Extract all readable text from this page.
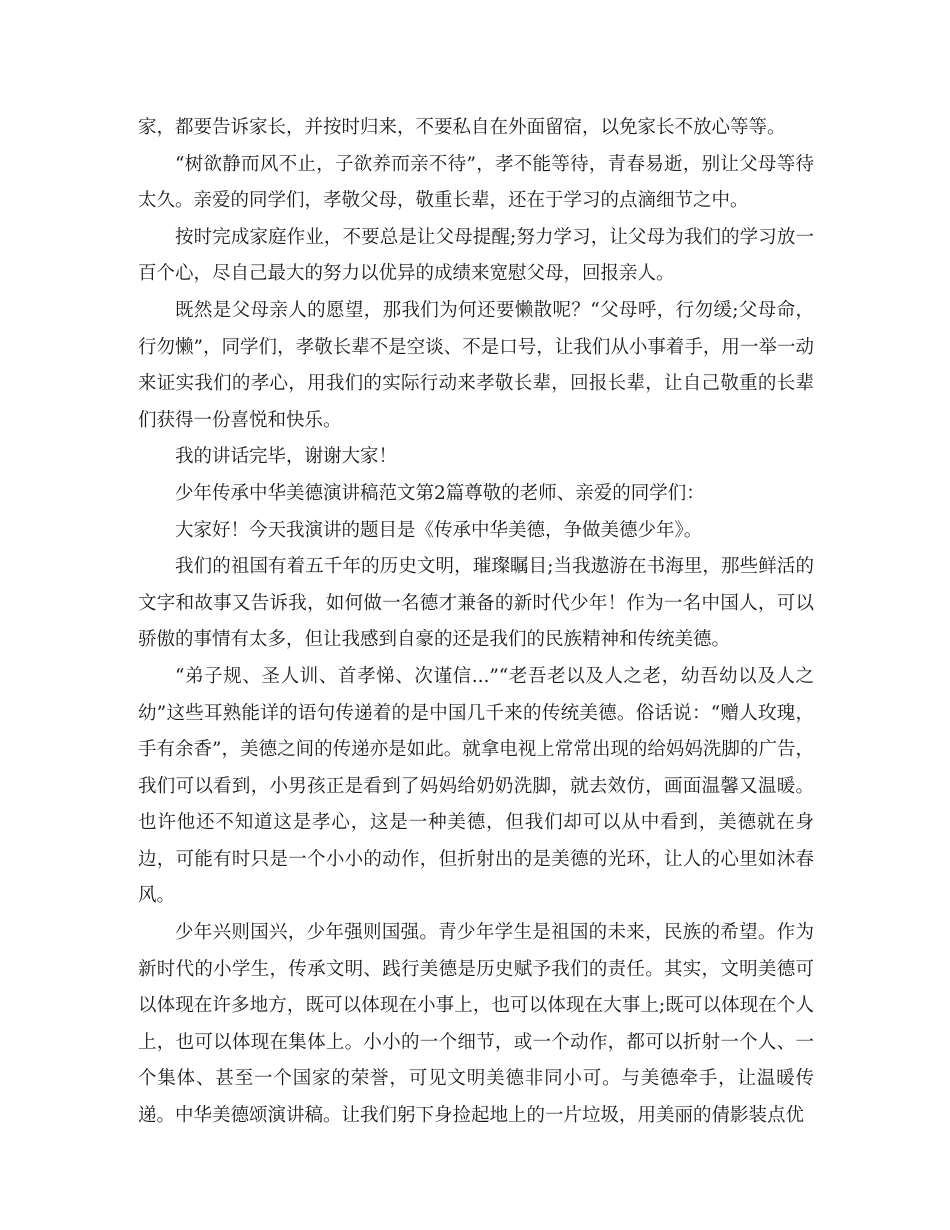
家，都要告诉家长，并按时归来，不要私自在外面留宿，以免家长不放心等等。

“树欲静而风不止，子欲养而亲不待”，孝不能等待，青春易逝，别让父母等待太久。亲爱的同学们，孝敬父母，敬重长辈，还在于学习的点滴细节之中。

按时完成家庭作业，不要总是让父母提醒;努力学习，让父母为我们的学习放一百个心，尽自己最大的努力以优异的成绩来宽慰父母，回报亲人。

既然是父母亲人的愿望，那我们为何还要懒散呢？“父母呼，行勿缓;父母命，行勿懒”，同学们，孝敬长辈不是空谈、不是口号，让我们从小事着手，用一举一动来证实我们的孝心，用我们的实际行动来孝敬长辈，回报长辈，让自己敬重的长辈们获得一份喜悦和快乐。

我的讲话完毕，谢谢大家！

少年传承中华美德演讲稿范文第2篇尊敬的老师、亲爱的同学们：

大家好！今天我演讲的题目是《传承中华美德，争做美德少年》。

我们的祖国有着五千年的历史文明，璀璨瞩目;当我遨游在书海里，那些鲜活的文字和故事又告诉我，如何做一名德才兼备的新时代少年！作为一名中国人，可以骄傲的事情有太多，但让我感到自豪的还是我们的民族精神和传统美德。

“弟子规、圣人训、首孝悌、次谨信...”“老吾老以及人之老，幼吾幼以及人之幼”这些耳熟能详的语句传递着的是中国几千来的传统美德。俗话说：“赠人玫瑰，手有余香”，美德之间的传递亦是如此。就拿电视上常常出现的给妈妈洗脚的广告，我们可以看到，小男孩正是看到了妈妈给奶奶洗脚，就去效仿，画面温馨又温暖。也许他还不知道这是孝心，这是一种美德，但我们却可以从中看到，美德就在身边，可能有时只是一个小小的动作，但折射出的是美德的光环，让人的心里如沐春风。

少年兴则国兴，少年强则国强。青少年学生是祖国的未来，民族的希望。作为新时代的小学生，传承文明、践行美德是历史赋予我们的责任。其实，文明美德可以体现在许多地方，既可以体现在小事上，也可以体现在大事上;既可以体现在个人上，也可以体现在集体上。小小的一个细节，或一个动作，都可以折射一个人、一个集体、甚至一个国家的荣誉，可见文明美德非同小可。与美德牵手，让温暖传递。中华美德颂演讲稿。让我们躬下身捡起地上的一片垃圾，用美丽的倩影装点优
